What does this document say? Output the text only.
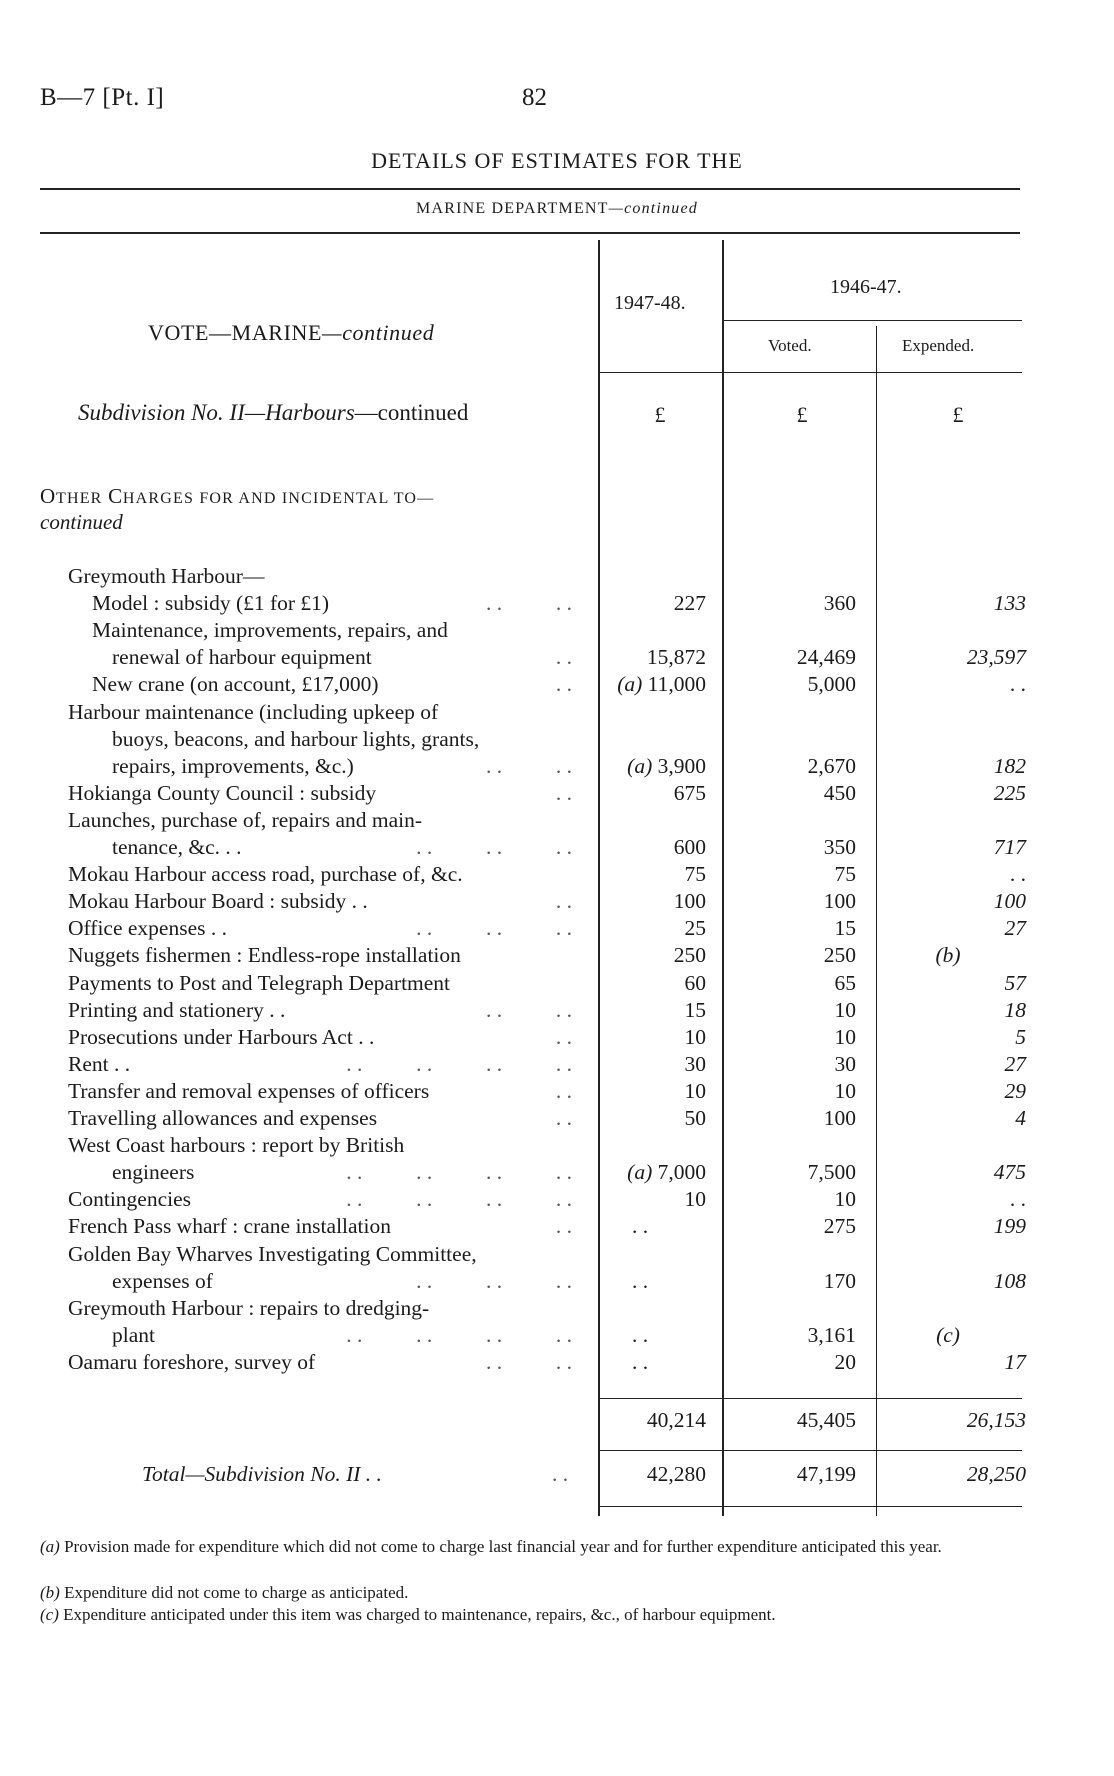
B—7 [Pt. I]	82
DETAILS OF ESTIMATES FOR THE
MARINE DEPARTMENT—continued
VOTE—MARINE—continued
1947-48.
1946-47.
Voted.	Expended.
Subdivision No. II—Harbours—continued	£	£	£
OTHER CHARGES FOR AND INCIDENTAL TO—
continued
Greymouth Harbour—
Model : subsidy (£1 for £1)	. .          . .	227	360	133
Maintenance, improvements, repairs, and
renewal of harbour equipment	. .	15,872	24,469	23,597
New crane (on account, £17,000)	. . (a) 11,000	5,000	. .
Harbour maintenance (including upkeep of
buoys, beacons, and harbour lights, grants,
repairs, improvements, &c.)	. .          . .	(a) 3,900	2,670	182
Hokianga County Council : subsidy	. .	675	450	225
Launches, purchase of, repairs and main-
tenance, &c. . .	. .          . .          . .	600	350	717
Mokau Harbour access road, purchase of, &c.	75	75	. .
Mokau Harbour Board : subsidy . .	. .	100	100	100
Office expenses . .	. .          . .          . .	25	15	27
Nuggets fishermen : Endless-rope installation	250	250	(b)
Payments to Post and Telegraph Department	60	65	57
Printing and stationery . .	. .          . .	15	10	18
Prosecutions under Harbours Act . .	. .	10	10	5
Rent . .	. .          . .          . .          . .	30	30	27
Transfer and removal expenses of officers	. .	10	10	29
Travelling allowances and expenses	. .	50	100	4
West Coast harbours : report by British
engineers	. .          . .          . .          . .	(a) 7,000	7,500	475
Contingencies	. .          . .          . .          . .	10	10	. .
French Pass wharf : crane installation	. .	. .	275	199
Golden Bay Wharves Investigating Committee,
expenses of	. .          . .          . .	. .	170	108
Greymouth Harbour : repairs to dredging-
plant	. .          . .          . .          . .	. .	3,161	(c)
Oamaru foreshore, survey of	. .          . .	. .	20	17
40,214	45,405	26,153
Total—Subdivision No. II . .	. .	42,280	47,199	28,250
(a) Provision made for expenditure which did not come to charge last financial year and for further expenditure anticipated this year.
(b) Expenditure did not come to charge as anticipated.
(c) Expenditure anticipated under this item was charged to maintenance, repairs, &c., of harbour equipment.
